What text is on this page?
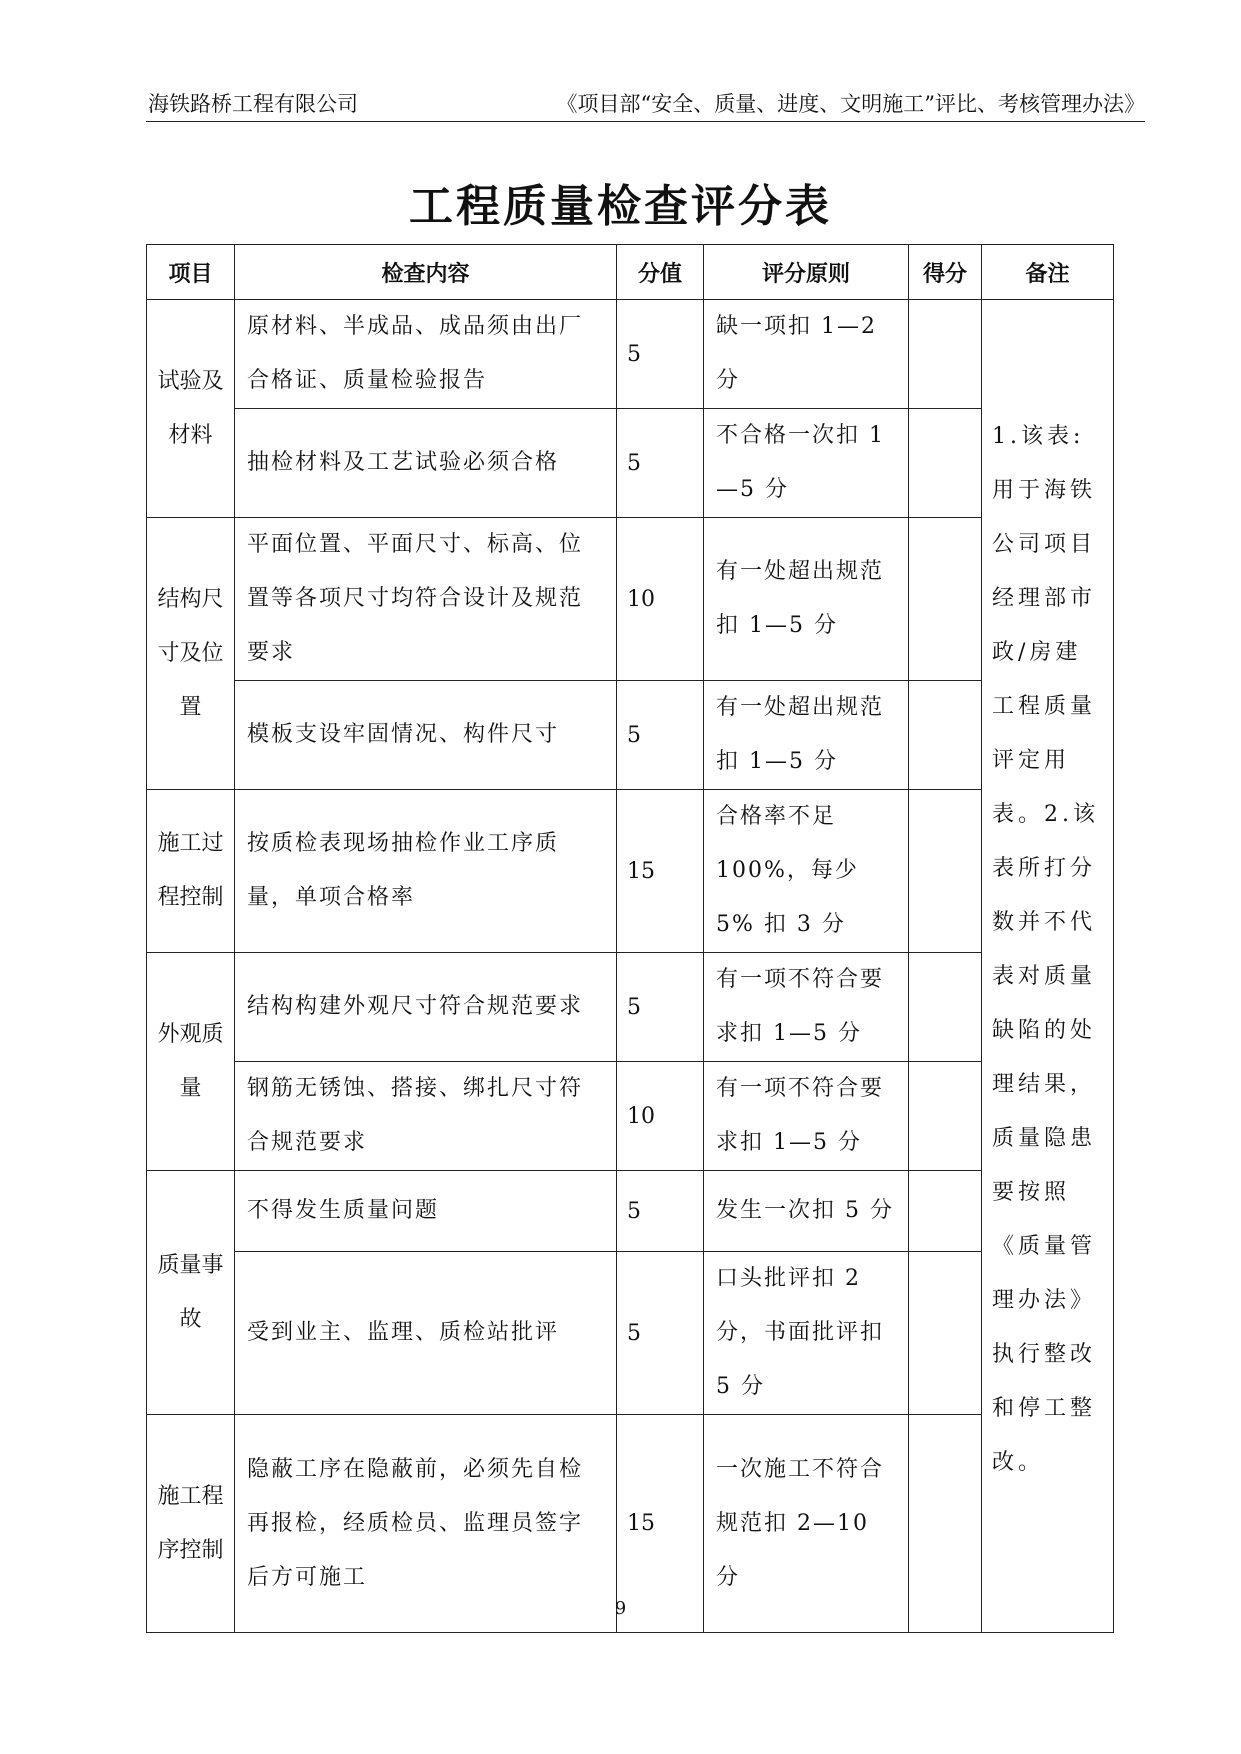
海铁路桥工程有限公司	《项目部“安全、质量、进度、文明施工”评比、考核管理办法》
工程质量检查评分表
项目	检查内容	分值	评分原则	得分	备注
试验及材料	原材料、半成品、成品须由出厂合格证、质量检验报告	5	缺一项扣 1—2 分		1.该表:用于海铁公司项目经理部市政/房建工程质量评定用表。2.该表所打分数并不代表对质量缺陷的处理结果，质量隐患要按照《质量管理办法》执行整改和停工整改。
	抽检材料及工艺试验必须合格	5	不合格一次扣 1—5 分		
结构尺寸及位置	平面位置、平面尺寸、标高、位置等各项尺寸均符合设计及规范要求	10	有一处超出规范扣 1—5 分		
	模板支设牢固情况、构件尺寸	5	有一处超出规范扣 1—5 分		
施工过程控制	按质检表现场抽检作业工序质量，单项合格率	15	合格率不足 100%，每少 5% 扣 3 分		
外观质量	结构构建外观尺寸符合规范要求	5	有一项不符合要求扣 1—5 分		
	钢筋无锈蚀、搭接、绑扎尺寸符合规范要求	10	有一项不符合要求扣 1—5 分		
质量事故	不得发生质量问题	5	发生一次扣 5 分		
	受到业主、监理、质检站批评	5	口头批评扣 2 分，书面批评扣 5 分		
施工程序控制	隐蔽工序在隐蔽前，必须先自检再报检，经质检员、监理员签字后方可施工	15	一次施工不符合规范扣 2—10 分		
9
